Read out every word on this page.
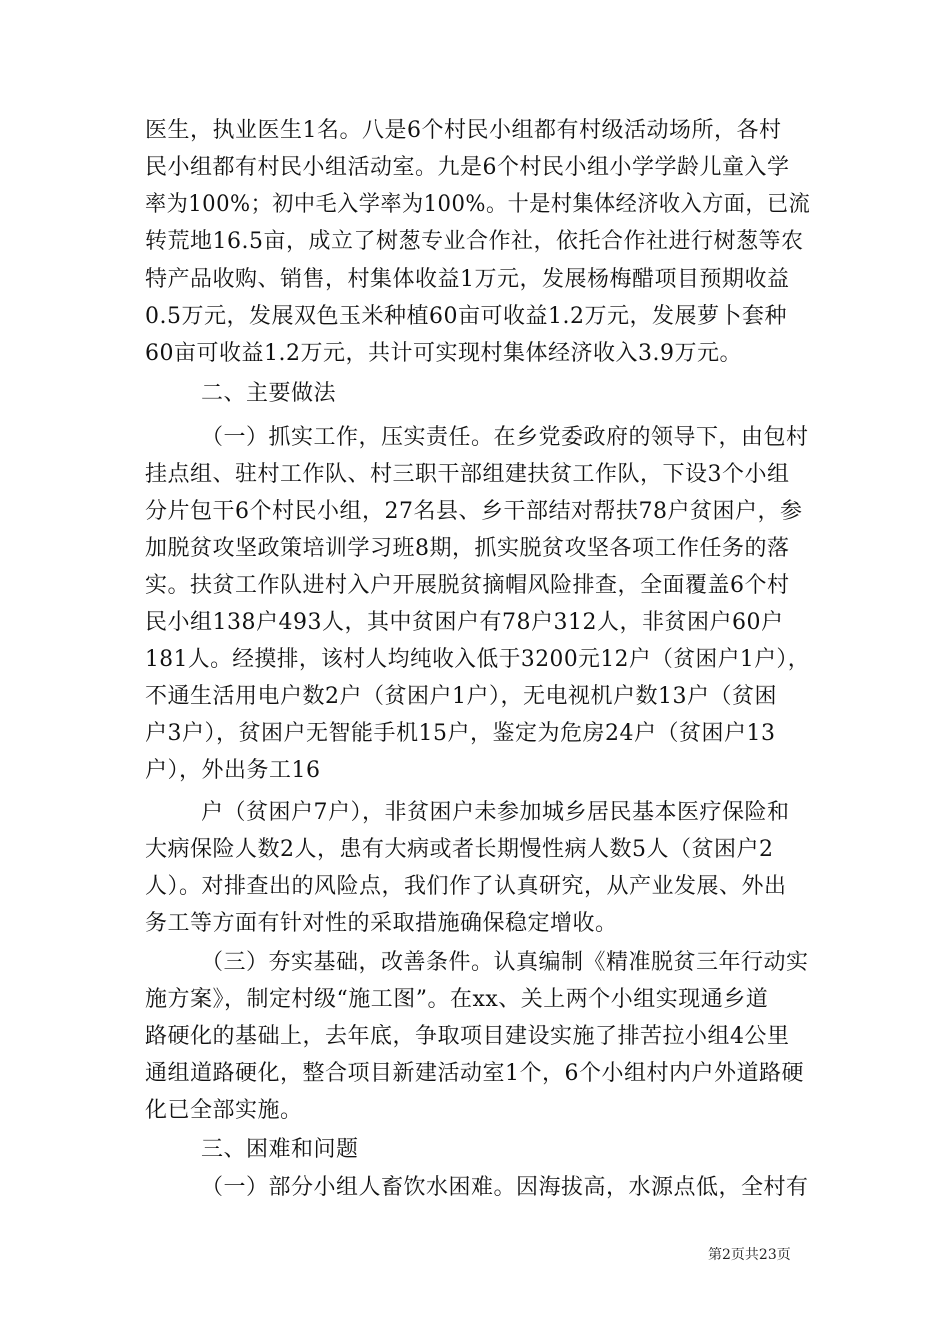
医生，执业医生1名。八是6个村民小组都有村级活动场所，各村
民小组都有村民小组活动室。九是6个村民小组小学学龄儿童入学
率为100%；初中毛入学率为100%。十是村集体经济收入方面，已流
转荒地16.5亩，成立了树葱专业合作社，依托合作社进行树葱等农
特产品收购、销售，村集体收益1万元，发展杨梅醋项目预期收益
0.5万元，发展双色玉米种植60亩可收益1.2万元，发展萝卜套种
60亩可收益1.2万元，共计可实现村集体经济收入3.9万元。
二、主要做法
（一）抓实工作，压实责任。在乡党委政府的领导下，由包村
挂点组、驻村工作队、村三职干部组建扶贫工作队，下设3个小组
分片包干6个村民小组，27名县、乡干部结对帮扶78户贫困户，参
加脱贫攻坚政策培训学习班8期，抓实脱贫攻坚各项工作任务的落
实。扶贫工作队进村入户开展脱贫摘帽风险排查，全面覆盖6个村
民小组138户493人，其中贫困户有78户312人，非贫困户60户
181人。经摸排，该村人均纯收入低于3200元12户（贫困户1户），
不通生活用电户数2户（贫困户1户），无电视机户数13户（贫困
户3户），贫困户无智能手机15户，鉴定为危房24户（贫困户13
户），外出务工16
户（贫困户7户），非贫困户未参加城乡居民基本医疗保险和
大病保险人数2人，患有大病或者长期慢性病人数5人（贫困户2
人）。对排查出的风险点，我们作了认真研究，从产业发展、外出
务工等方面有针对性的采取措施确保稳定增收。
（三）夯实基础，改善条件。认真编制《精准脱贫三年行动实
施方案》，制定村级“施工图”。在xx、关上两个小组实现通乡道
路硬化的基础上，去年底，争取项目建设实施了排苦拉小组4公里
通组道路硬化，整合项目新建活动室1个，6个小组村内户外道路硬
化已全部实施。
三、困难和问题
（一）部分小组人畜饮水困难。因海拔高，水源点低，全村有
第2页共23页
